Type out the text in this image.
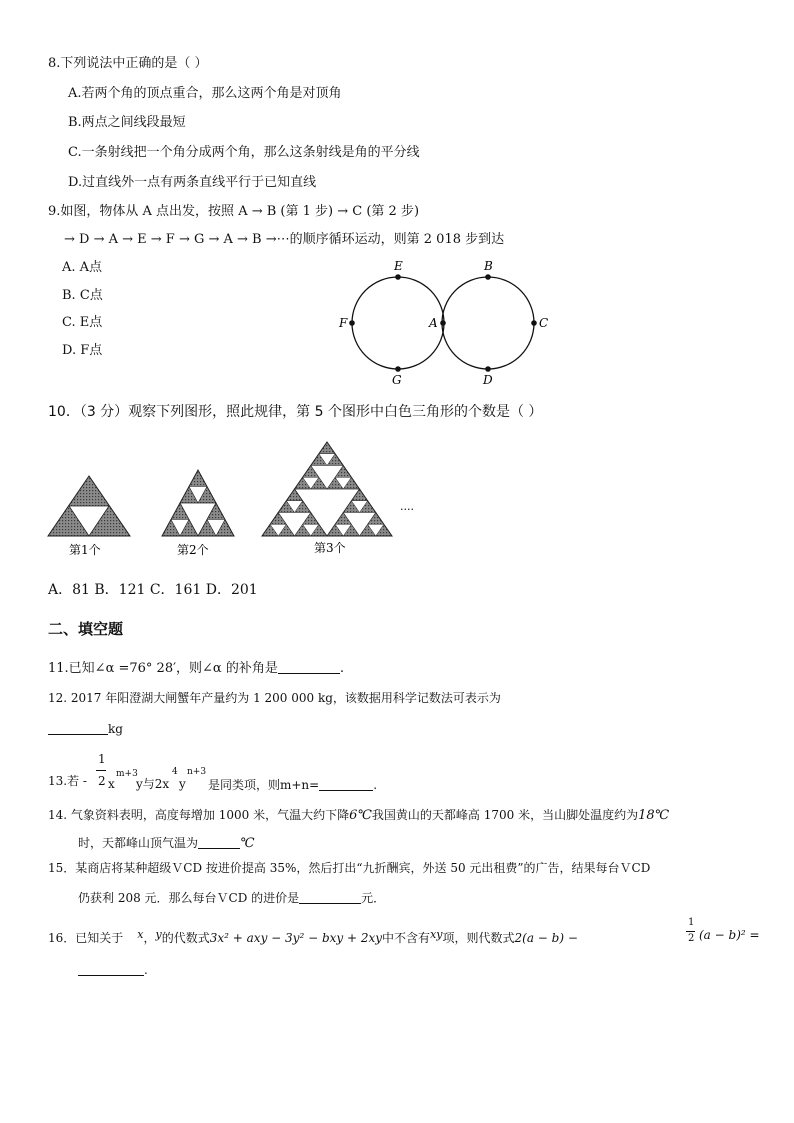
8.下列说法中正确的是（ ）
A.若两个角的顶点重合，那么这两个角是对顶角
B.两点之间线段最短
C.一条射线把一个角分成两个角，那么这条射线是角的平分线
D.过直线外一点有两条直线平行于已知直线
9.如图，物体从 A 点出发，按照 A → B (第 1 步) → C (第 2 步)
→ D → A → E → F → G → A → B →⋯的顺序循环运动，则第 2 018 步到达
A. A点
B. C点
C. E点
D. F点
E	B
F	A	C
G	D
10．（3 分）观察下列图形，照此规律，第 5 个图形中白色三角形的个数是（ ）
第1个	第2个	第3个
....
A．81 B．121 C．161 D．201
二、填空题
11.已知∠α =76° 28′，则∠α 的补角是	.
12. 2017 年阳澄湖大闸蟹年产量约为 1 200 000 kg，该数据用科学记数法可表示为
kg
13.若 -
1
2 x
m+3
y与2x
4
y
n+3
是同类项，则m+n=	.
14. 气象资料表明，高度每增加 1000 米，气温大约下降6℃我国黄山的天都峰高 1700 米，当山脚处温度约为18℃
时，天都峰山顶气温为	℃
15．某商店将某种超级ＶCD 按进价提高 35%，然后打出“九折酬宾，外送 50 元出租费”的广告，结果每台ＶCD
仍获利 208 元．那么每台ＶCD 的进价是	元．
16．已知关于 x，y的代数式3x² + axy − 3y² − bxy + 2xy中不含有xy项，则代数式2(a − b) −
1
2 (a − b)² =
.
